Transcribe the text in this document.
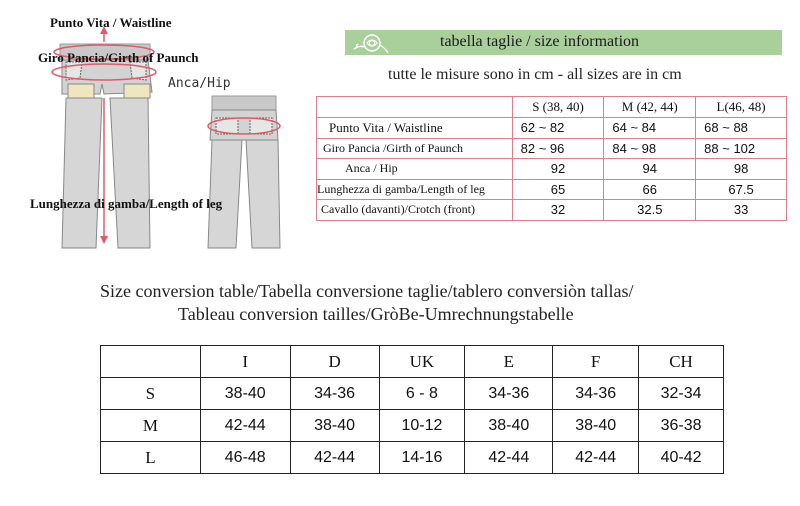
Punto Vita / Waistline
Giro Pancia/Girth of Paunch
Anca/Hip
Lunghezza di gamba/Length of leg
tabella taglie / size information
tutte le misure sono in cm - all sizes are in cm
	S (38, 40)	M (42, 44)	L(46, 48)
Punto Vita / Waistline	62 ~ 82	64 ~ 84	68 ~ 88
Giro Pancia /Girth of Paunch	82 ~ 96	84 ~ 98	88 ~ 102
Anca / Hip	92	94	98
Lunghezza di gamba/Length of leg	65	66	67.5
Cavallo (davanti)/Crotch (front)	32	32.5	33
Size conversion table/Tabella conversione taglie/tablero conversiòn tallas/
Tableau conversion tailles/GròBe-Umrechnungstabelle
	I	D	UK	E	F	CH
S	38-40	34-36	6 - 8	34-36	34-36	32-34
M	42-44	38-40	10-12	38-40	38-40	36-38
L	46-48	42-44	14-16	42-44	42-44	40-42
